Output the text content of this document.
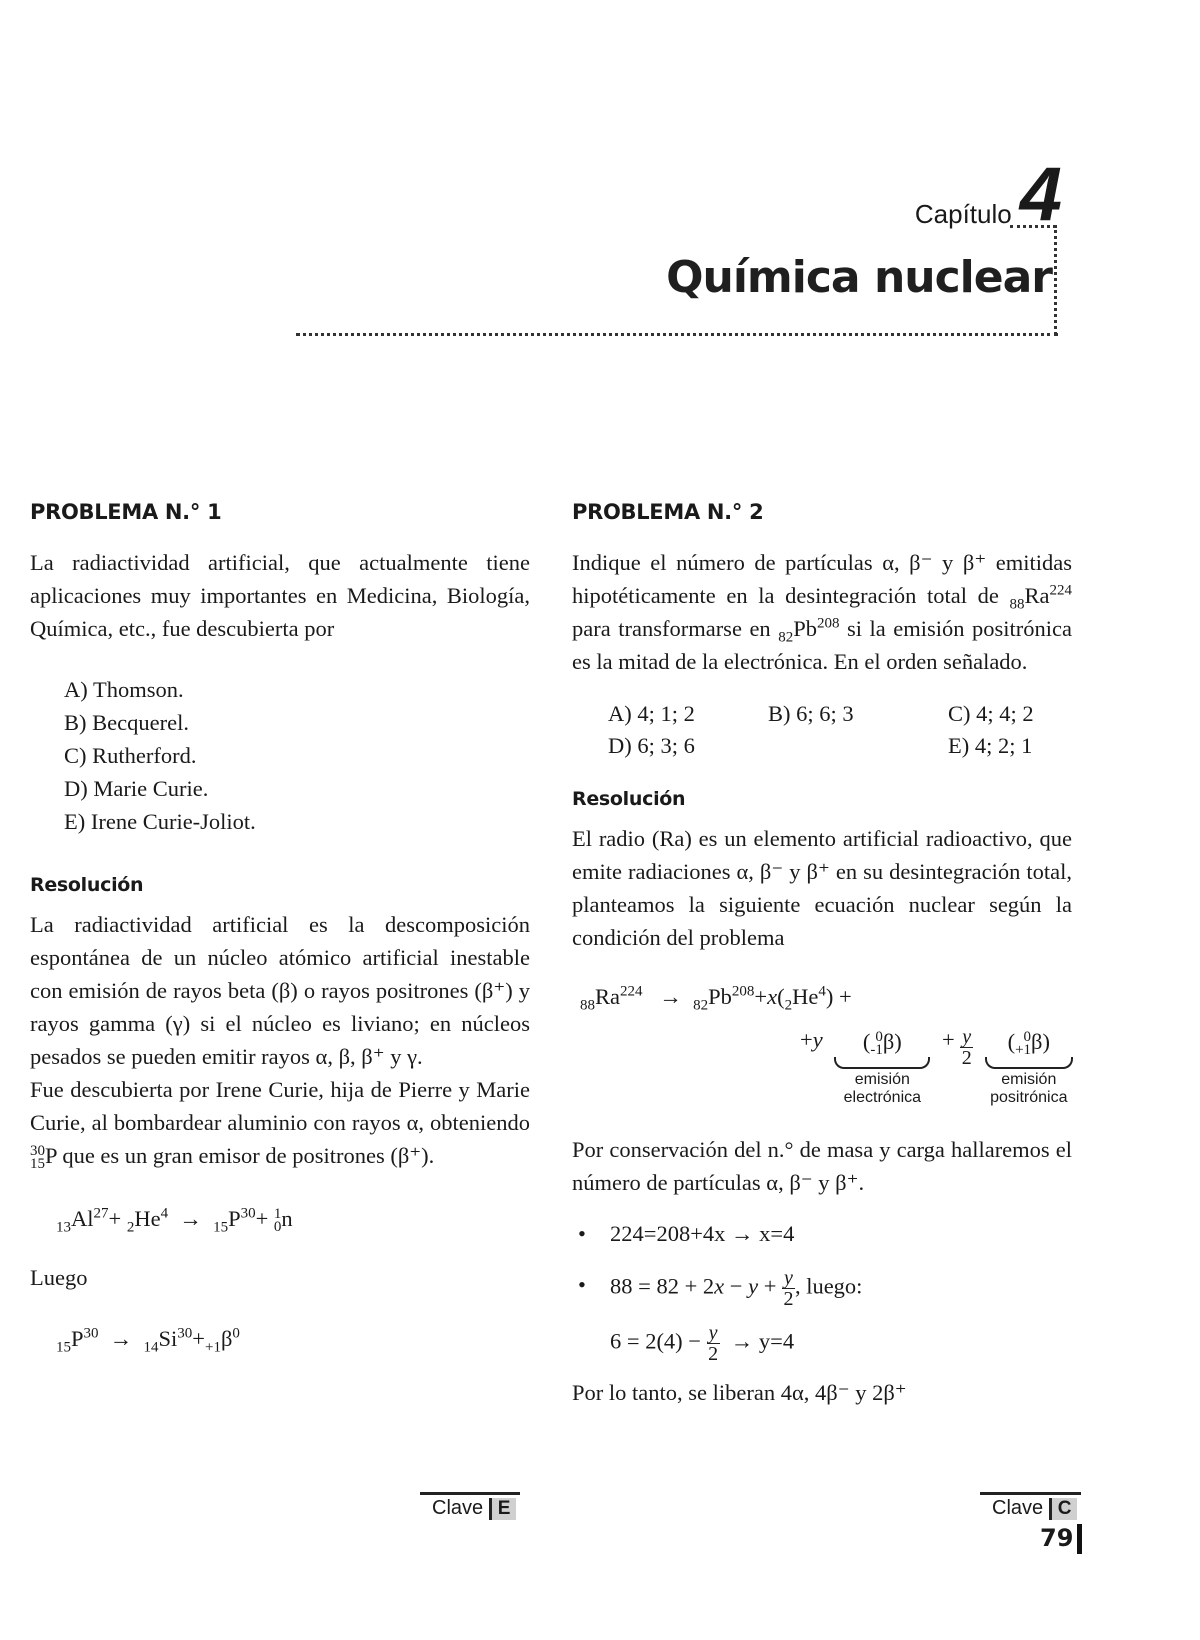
Capítulo 4
Química nuclear
PROBLEMA N.° 1

La radiactividad artificial, que actualmente tiene aplicaciones muy importantes en Medicina, Biología, Química, etc., fue descubierta por

A) Thomson.
B) Becquerel.
C) Rutherford.
D) Marie Curie.
E) Irene Curie-Joliot.
Resolución

La radiactividad artificial es la descomposición espontánea de un núcleo atómico artificial inestable con emisión de rayos beta (β) o rayos positrones (β⁺) y rayos gamma (γ) si el núcleo es liviano; en núcleos pesados se pueden emitir rayos α, β, β⁺ y γ.

Fue descubierta por Irene Curie, hija de Pierre y Marie Curie, al bombardear aluminio con rayos α, obteniendo 30
15P que es un gran emisor de positrones (β⁺).

$_{13}Al^{27}+ _2He^4 \to _{15}P^{30}+ 1$
0n

Luego

$_{15}P^{30} \to _{14}Si^{30}+_{+1}\beta^0$

Clave E
PROBLEMA N.° 2

Indique el número de partículas α, β⁻ y β⁺ emitidas hipotéticamente en la desintegración total de $_{88}Ra^{224}$ para transformarse en $_{82}Pb^{208}$ si la emisión positrónica es la mitad de la electrónica. En el orden señalado.

A) 4; 1; 2	B) 6; 6; 3	C) 4; 4; 2
D) 6; 3; 6	E) 4; 2; 1
Resolución

El radio (Ra) es un elemento artificial radioactivo, que emite radiaciones α, β⁻ y β⁺ en su desintegración total, planteamos la siguiente ecuación nuclear según la condición del problema

$_{88}Ra^{224} \to _{82}Pb^{208}+x(_2He^4)$ +

+y	( 0
-1β)
emisión
electrónica
+ $\frac{y}{2}$
	( 0
+1β)
emisión
positrónica

Por conservación del n.° de masa y carga hallaremos el número de partículas α, β⁻ y β⁺.

• 224=208+4x → x=4

• $88 = 82 + 2x - y + \frac{y}{2}$ , luego:

$6 = 2(4) - \frac{y}{2} \to y=4$

Por lo tanto, se liberan 4α, 4β⁻ y 2β⁺

Clave C
79
